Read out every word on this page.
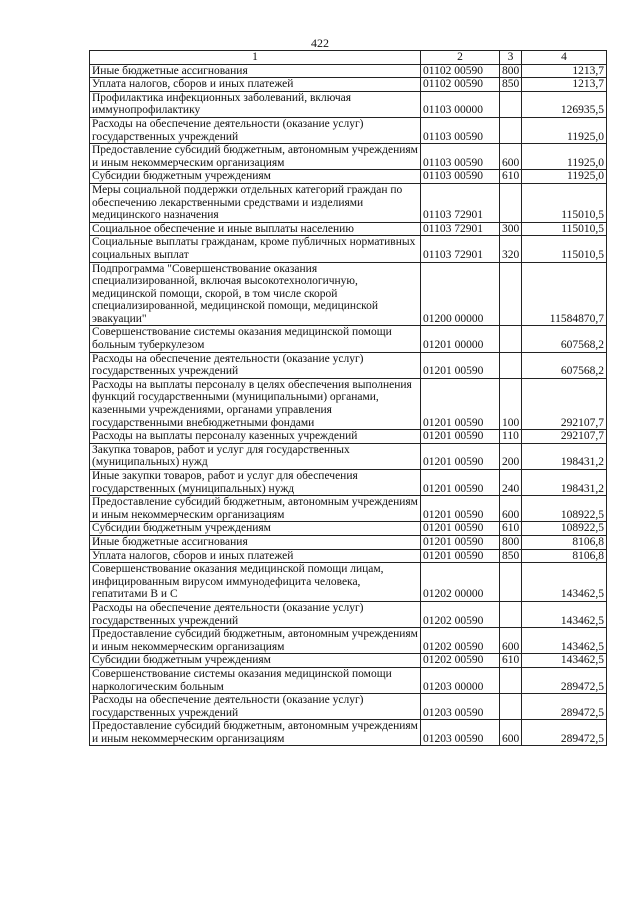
422
1	2	3	4
Иные бюджетные ассигнования	01102 00590	800	1213,7
Уплата налогов, сборов и иных платежей	01102 00590	850	1213,7
Профилактика инфекционных заболеваний, включая иммунопрофилактику	01103 00000		126935,5
Расходы на обеспечение деятельности (оказание услуг) государственных учреждений	01103 00590		11925,0
Предоставление субсидий бюджетным, автономным учреждениям и иным некоммерческим организациям	01103 00590	600	11925,0
Субсидии бюджетным учреждениям	01103 00590	610	11925,0
Меры социальной поддержки отдельных категорий граждан по обеспечению лекарственными средствами и изделиями медицинского назначения	01103 72901		115010,5
Социальное обеспечение и иные выплаты населению	01103 72901	300	115010,5
Социальные выплаты гражданам, кроме публичных нормативных социальных выплат	01103 72901	320	115010,5
Подпрограмма "Совершенствование оказания специализированной, включая высокотехнологичную, медицинской помощи, скорой, в том числе скорой специализированной, медицинской помощи, медицинской эвакуации"	01200 00000		11584870,7
Совершенствование системы оказания медицинской помощи больным туберкулезом	01201 00000		607568,2
Расходы на обеспечение деятельности (оказание услуг) государственных учреждений	01201 00590		607568,2
Расходы на выплаты персоналу в целях обеспечения выполнения функций государственными (муниципальными) органами, казенными учреждениями, органами управления государственными внебюджетными фондами	01201 00590	100	292107,7
Расходы на выплаты персоналу казенных учреждений	01201 00590	110	292107,7
Закупка товаров, работ и услуг для государственных (муниципальных) нужд	01201 00590	200	198431,2
Иные закупки товаров, работ и услуг для обеспечения государственных (муниципальных) нужд	01201 00590	240	198431,2
Предоставление субсидий бюджетным, автономным учреждениям и иным некоммерческим организациям	01201 00590	600	108922,5
Субсидии бюджетным учреждениям	01201 00590	610	108922,5
Иные бюджетные ассигнования	01201 00590	800	8106,8
Уплата налогов, сборов и иных платежей	01201 00590	850	8106,8
Совершенствование оказания медицинской помощи лицам, инфицированным вирусом иммунодефицита человека, гепатитами В и С	01202 00000		143462,5
Расходы на обеспечение деятельности (оказание услуг) государственных учреждений	01202 00590		143462,5
Предоставление субсидий бюджетным, автономным учреждениям и иным некоммерческим организациям	01202 00590	600	143462,5
Субсидии бюджетным учреждениям	01202 00590	610	143462,5
Совершенствование системы оказания медицинской помощи наркологическим больным	01203 00000		289472,5
Расходы на обеспечение деятельности (оказание услуг) государственных учреждений	01203 00590		289472,5
Предоставление субсидий бюджетным, автономным учреждениям и иным некоммерческим организациям	01203 00590	600	289472,5
